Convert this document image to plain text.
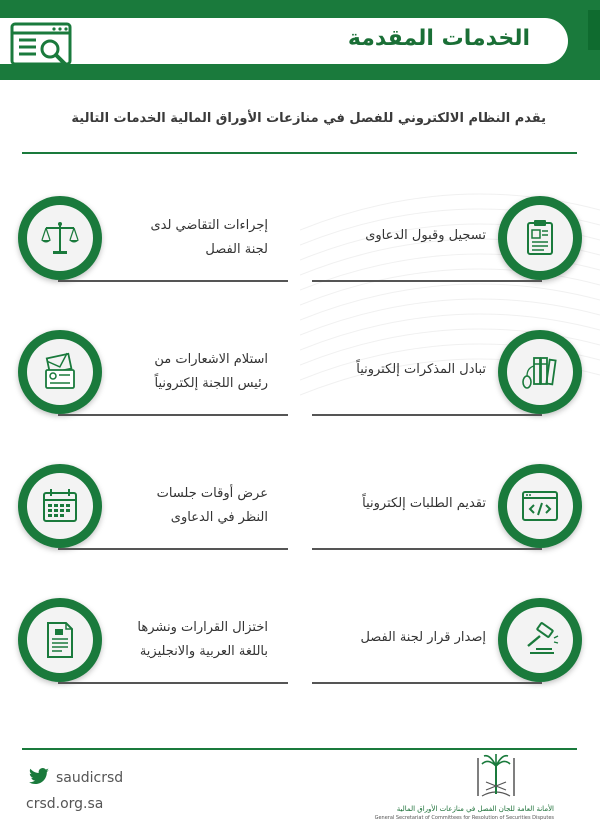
الخدمات المقدمة
يقدم النظام الالكتروني للفصل في منازعات الأوراق المالية الخدمات التالية
تسجيل وقبول الدعاوى
تبادل المذكرات إلكترونياً
تقديم الطلبات إلكترونياً
إصدار قرار لجنة الفصل
إجراءات التقاضي لدى
لجنة الفصل
استلام الاشعارات من
رئيس اللجنة إلكترونياً
عرض أوقات جلسات
النظر في الدعاوى
اختزال القرارات ونشرها
باللغة العربية والانجليزية
saudicrsd
crsd.org.sa	الأمانة العامة للجان الفصل في منازعات الأوراق المالية
General Secretariat of Committees for Resolution of Securities Disputes
